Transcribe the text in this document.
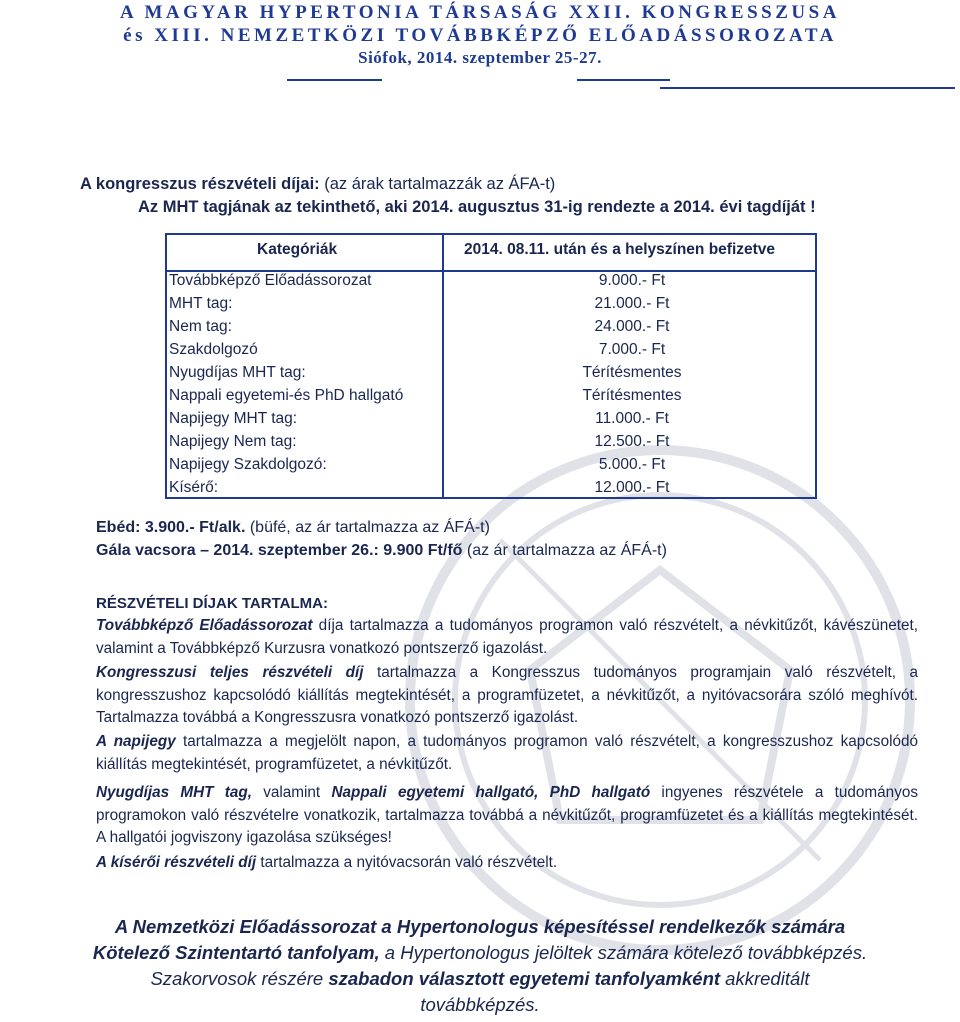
A MAGYAR HYPERTONIA TÁRSASÁG XXII. KONGRESSZUSA
és XIII. NEMZETKÖZI TOVÁBBKÉPZŐ ELŐADÁSSOROZATA
Siófok, 2014. szeptember 25-27.
A kongresszus részvételi díjai: (az árak tartalmazzák az ÁFA-t)
Az MHT tagjának az tekinthető, aki 2014. augusztus 31-ig rendezte a 2014. évi tagdíját !
Kategóriák	2014. 08.11. után és a helyszínen befizetve
Továbbképző Előadássorozat	9.000.- Ft
MHT tag:	21.000.- Ft
Nem tag:	24.000.- Ft
Szakdolgozó	7.000.- Ft
Nyugdíjas MHT tag:	Térítésmentes
Nappali egyetemi-és PhD hallgató	Térítésmentes
Napijegy MHT tag:	11.000.- Ft
Napijegy Nem tag:	12.500.- Ft
Napijegy Szakdolgozó:	5.000.- Ft
Kísérő:	12.000.- Ft
Ebéd: 3.900.- Ft/alk. (büfé, az ár tartalmazza az ÁFÁ-t)
Gála vacsora – 2014. szeptember 26.: 9.900 Ft/fő (az ár tartalmazza az ÁFÁ-t)
RÉSZVÉTELI DÍJAK TARTALMA:
Továbbképző Előadássorozat díja tartalmazza a tudományos programon való részvételt, a névkitűzőt, kávészünetet, valamint a Továbbképző Kurzusra vonatkozó pontszerző igazolást.
Kongresszusi teljes részvételi díj tartalmazza a Kongresszus tudományos programjain való részvételt, a kongresszushoz kapcsolódó kiállítás megtekintését, a programfüzetet, a névkitűzőt, a nyitóvacsorára szóló meghívót. Tartalmazza továbbá a Kongresszusra vonatkozó pontszerző igazolást.
A napijegy tartalmazza a megjelölt napon, a tudományos programon való részvételt, a kongresszushoz kapcsolódó kiállítás megtekintését, programfüzetet, a névkitűzőt.
Nyugdíjas MHT tag, valamint Nappali egyetemi hallgató, PhD hallgató ingyenes részvétele a tudományos programokon való részvételre vonatkozik, tartalmazza továbbá a névkitűzőt, programfüzetet és a kiállítás megtekintését. A hallgatói jogviszony igazolása szükséges!
A kísérői részvételi díj tartalmazza a nyitóvacsorán való részvételt.
A Nemzetközi Előadássorozat a Hypertonologus képesítéssel rendelkezők számára Kötelező Szintentartó tanfolyam, a Hypertonologus jelöltek számára kötelező továbbképzés. Szakorvosok részére szabadon választott egyetemi tanfolyamként akkreditált továbbképzés.
